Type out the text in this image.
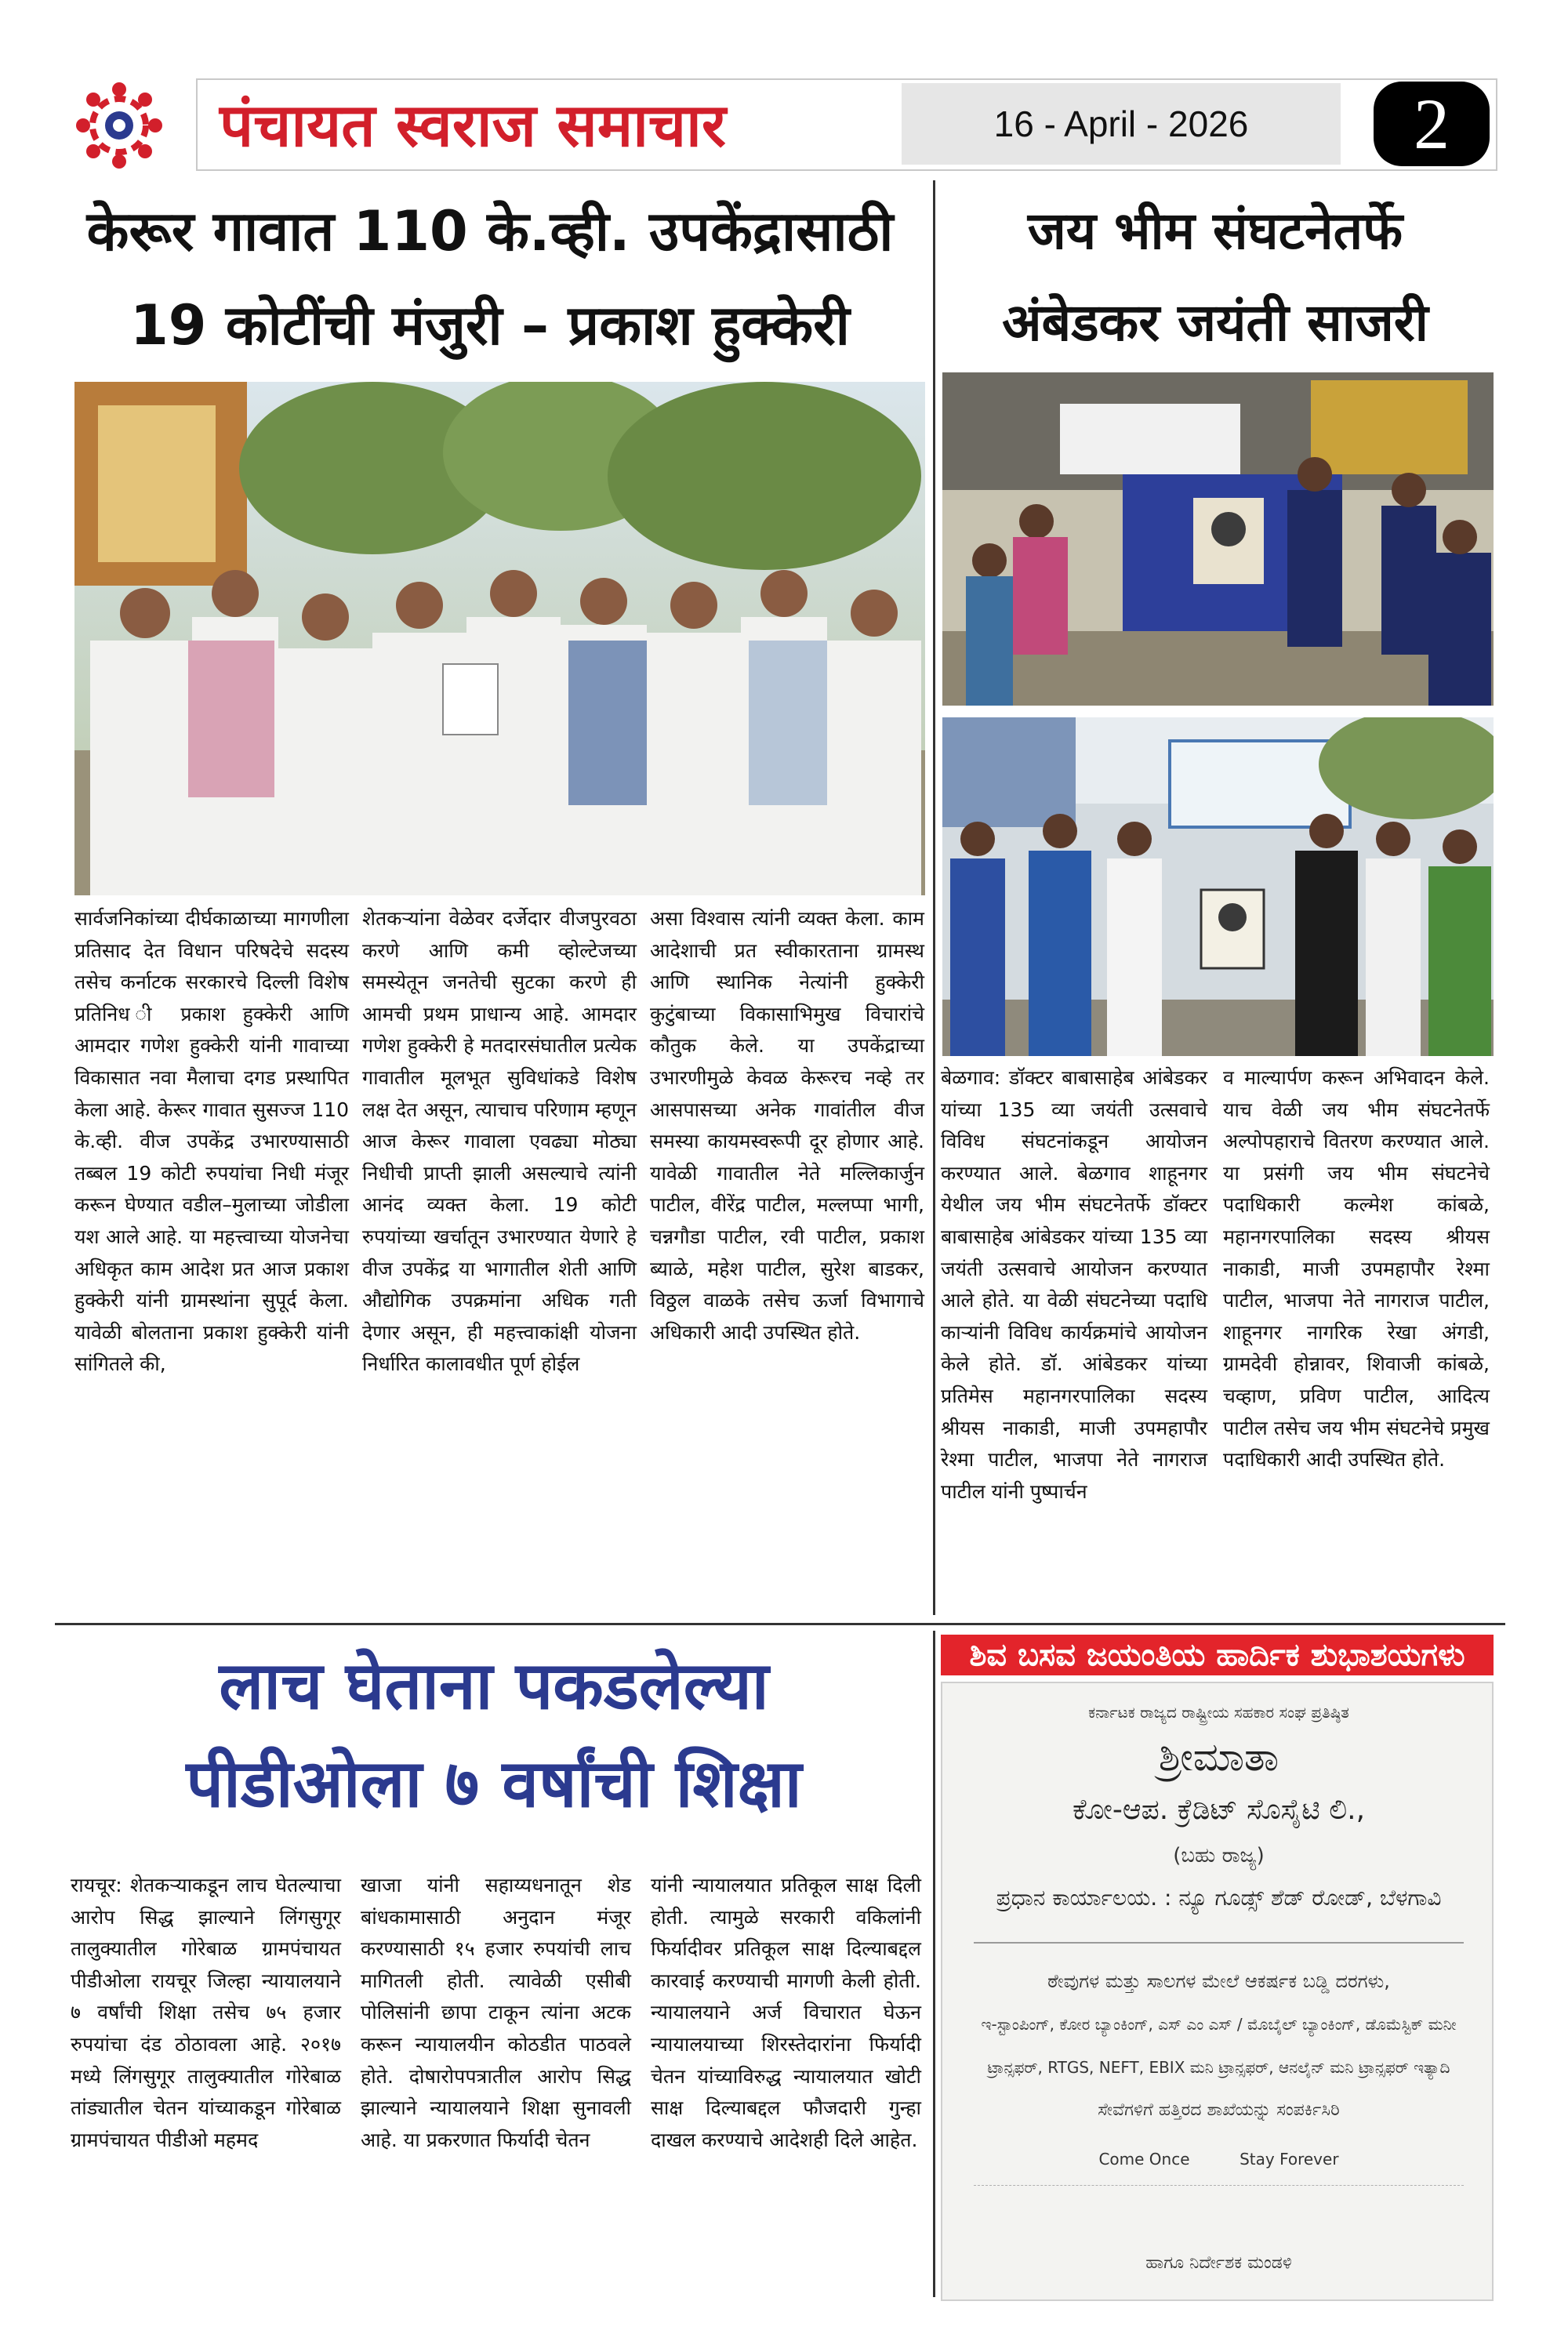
पंचायत स्वराज समाचार	16 - April - 2026	2
केरूर गावात 110 के.व्ही. उपकेंद्रासाठी
19 कोटींची मंजुरी – प्रकाश हुक्केरी

सार्वजनिकांच्या दीर्घकाळाच्या मागणीला प्रतिसाद देत विधान परिषदेचे सदस्य तसेच कर्नाटक सरकारचे दिल्ली विशेष प्रतिनिध ी प्रकाश हुक्केरी आणि आमदार गणेश हुक्केरी यांनी गावाच्या विकासात नवा मैलाचा दगड प्रस्थापित केला आहे. केरूर गावात सुसज्ज 110 के.व्ही. वीज उपकेंद्र उभारण्यासाठी तब्बल 19 कोटी रुपयांचा निधी मंजूर करून घेण्यात वडील–मुलाच्या जोडीला यश आले आहे. या महत्त्वाच्या योजनेचा अधिकृत काम आदेश प्रत आज प्रकाश हुक्केरी यांनी ग्रामस्थांना सुपूर्द केला. यावेळी बोलताना प्रकाश हुक्केरी यांनी सांगितले की,

शेतकऱ्यांना वेळेवर दर्जेदार वीजपुरवठा करणे आणि कमी व्होल्टेजच्या समस्येतून जनतेची सुटका करणे ही आमची प्रथम प्राधान्य आहे. आमदार गणेश हुक्केरी हे मतदारसंघातील प्रत्येक गावातील मूलभूत सुविधांकडे विशेष लक्ष देत असून, त्याचाच परिणाम म्हणून आज केरूर गावाला एवढ्या मोठ्या निधीची प्राप्ती झाली असल्याचे त्यांनी आनंद व्यक्त केला. 19 कोटी रुपयांच्या खर्चातून उभारण्यात येणारे हे वीज उपकेंद्र या भागातील शेती आणि औद्योगिक उपक्रमांना अधिक गती देणार असून, ही महत्त्वाकांक्षी योजना निर्धारित कालावधीत पूर्ण होईल

असा विश्वास त्यांनी व्यक्त केला. काम आदेशाची प्रत स्वीकारताना ग्रामस्थ आणि स्थानिक नेत्यांनी हुक्केरी कुटुंबाच्या विकासाभिमुख विचारांचे कौतुक केले. या उपकेंद्राच्या उभारणीमुळे केवळ केरूरच नव्हे तर आसपासच्या अनेक गावांतील वीज समस्या कायमस्वरूपी दूर होणार आहे. यावेळी गावातील नेते मल्लिकार्जुन पाटील, वीरेंद्र पाटील, मल्लप्पा भागी, चन्नगौडा पाटील, रवी पाटील, प्रकाश ब्याळे, महेश पाटील, सुरेश बाडकर, विठ्ठल वाळके तसेच ऊर्जा विभागाचे अधिकारी आदी उपस्थित होते.

जय भीम संघटनेतर्फे
अंबेडकर जयंती साजरी

बेळगाव: डॉक्टर बाबासाहेब आंबेडकर यांच्या 135 व्या जयंती उत्सवाचे विविध संघटनांकडून आयोजन करण्यात आले. बेळगाव शाहूनगर येथील जय भीम संघटनेतर्फे डॉक्टर बाबासाहेब आंबेडकर यांच्या 135 व्या जयंती उत्सवाचे आयोजन करण्यात आले होते. या वेळी संघटनेच्या पदाधि काऱ्यांनी विविध कार्यक्रमांचे आयोजन केले होते. डॉ. आंबेडकर यांच्या प्रतिमेस महानगरपालिका सदस्य श्रीयस नाकाडी, माजी उपमहापौर रेश्मा पाटील, भाजपा नेते नागराज पाटील यांनी पुष्पार्चन

व माल्यार्पण करून अभिवादन केले. याच वेळी जय भीम संघटनेतर्फे अल्पोपहाराचे वितरण करण्यात आले. या प्रसंगी जय भीम संघटनेचे पदाधिकारी कल्मेश कांबळे, महानगरपालिका सदस्य श्रीयस नाकाडी, माजी उपमहापौर रेश्मा पाटील, भाजपा नेते नागराज पाटील, शाहूनगर नागरिक रेखा अंगडी, ग्रामदेवी होन्नावर, शिवाजी कांबळे, चव्हाण, प्रविण पाटील, आदित्य पाटील तसेच जय भीम संघटनेचे प्रमुख पदाधिकारी आदी उपस्थित होते.

लाच घेताना पकडलेल्या
पीडीओला ७ वर्षांची शिक्षा

रायचूर: शेतकऱ्याकडून लाच घेतल्याचा आरोप सिद्ध झाल्याने लिंगसुगूर तालुक्यातील गोरेबाळ ग्रामपंचायत पीडीओला रायचूर जिल्हा न्यायालयाने ७ वर्षांची शिक्षा तसेच ७५ हजार रुपयांचा दंड ठोठावला आहे. २०१७ मध्ये लिंगसुगूर तालुक्यातील गोरेबाळ तांड्यातील चेतन यांच्याकडून गोरेबाळ ग्रामपंचायत पीडीओ महमद

खाजा यांनी सहाय्यधनातून शेड बांधकामासाठी अनुदान मंजूर करण्यासाठी १५ हजार रुपयांची लाच मागितली होती. त्यावेळी एसीबी पोलिसांनी छापा टाकून त्यांना अटक करून न्यायालयीन कोठडीत पाठवले होते. दोषारोपपत्रातील आरोप सिद्ध झाल्याने न्यायालयाने शिक्षा सुनावली आहे. या प्रकरणात फिर्यादी चेतन

यांनी न्यायालयात प्रतिकूल साक्ष दिली होती. त्यामुळे सरकारी वकिलांनी फिर्यादीवर प्रतिकूल साक्ष दिल्याबद्दल कारवाई करण्याची मागणी केली होती. न्यायालयाने अर्ज विचारात घेऊन न्यायालयाच्या शिरस्तेदारांना फिर्यादी चेतन यांच्याविरुद्ध न्यायालयात खोटी साक्ष दिल्याबद्दल फौजदारी गुन्हा दाखल करण्याचे आदेशही दिले आहेत.

ಶಿವ ಬಸವ ಜಯಂತಿಯ ಹಾರ್ದಿಕ ಶುಭಾಶಯಗಳು
ಕರ್ನಾಟಕ ರಾಜ್ಯದ ರಾಷ್ಟ್ರೀಯ ಸಹಕಾರ ಸಂಘ ಪ್ರತಿಷ್ಠಿತ
ಶ್ರೀಮಾತಾ
ಕೋ-ಆಪ. ಕ್ರೆಡಿಟ್ ಸೊಸೈಟಿ ಲಿ.,
(ಬಹು ರಾಜ್ಯ)
ಪ್ರಧಾನ ಕಾರ್ಯಾಲಯ. : ನ್ಯೂ ಗೂಡ್ಸ್ ಶೆಡ್ ರೋಡ್, ಬೆಳಗಾವಿ
ಠೇವುಗಳ ಮತ್ತು ಸಾಲಗಳ ಮೇಲೆ ಆಕರ್ಷಕ ಬಡ್ಡಿ ದರಗಳು,
ಇ-ಸ್ಟಾಂಪಿಂಗ್, ಕೋರ ಬ್ಯಾಂಕಿಂಗ್, ಎಸ್ ಎಂ ಎಸ್ / ಮೊಬೈಲ್ ಬ್ಯಾಂಕಿಂಗ್, ಡೊಮೆಸ್ಟಿಕ್ ಮನೀ
ಟ್ರಾನ್ಸಫರ್, RTGS, NEFT, EBIX ಮನಿ ಟ್ರಾನ್ಸಫರ್, ಆನಲೈನ್ ಮನಿ ಟ್ರಾನ್ಸಫರ್ ಇತ್ಯಾದಿ
ಸೇವೆಗಳಿಗೆ ಹತ್ತಿರದ ಶಾಖೆಯನ್ನು ಸಂಪರ್ಕಿಸಿರಿ
Come Once          Stay Forever
ಹಾಗೂ ನಿರ್ದೇಶಕ ಮಂಡಳಿ
